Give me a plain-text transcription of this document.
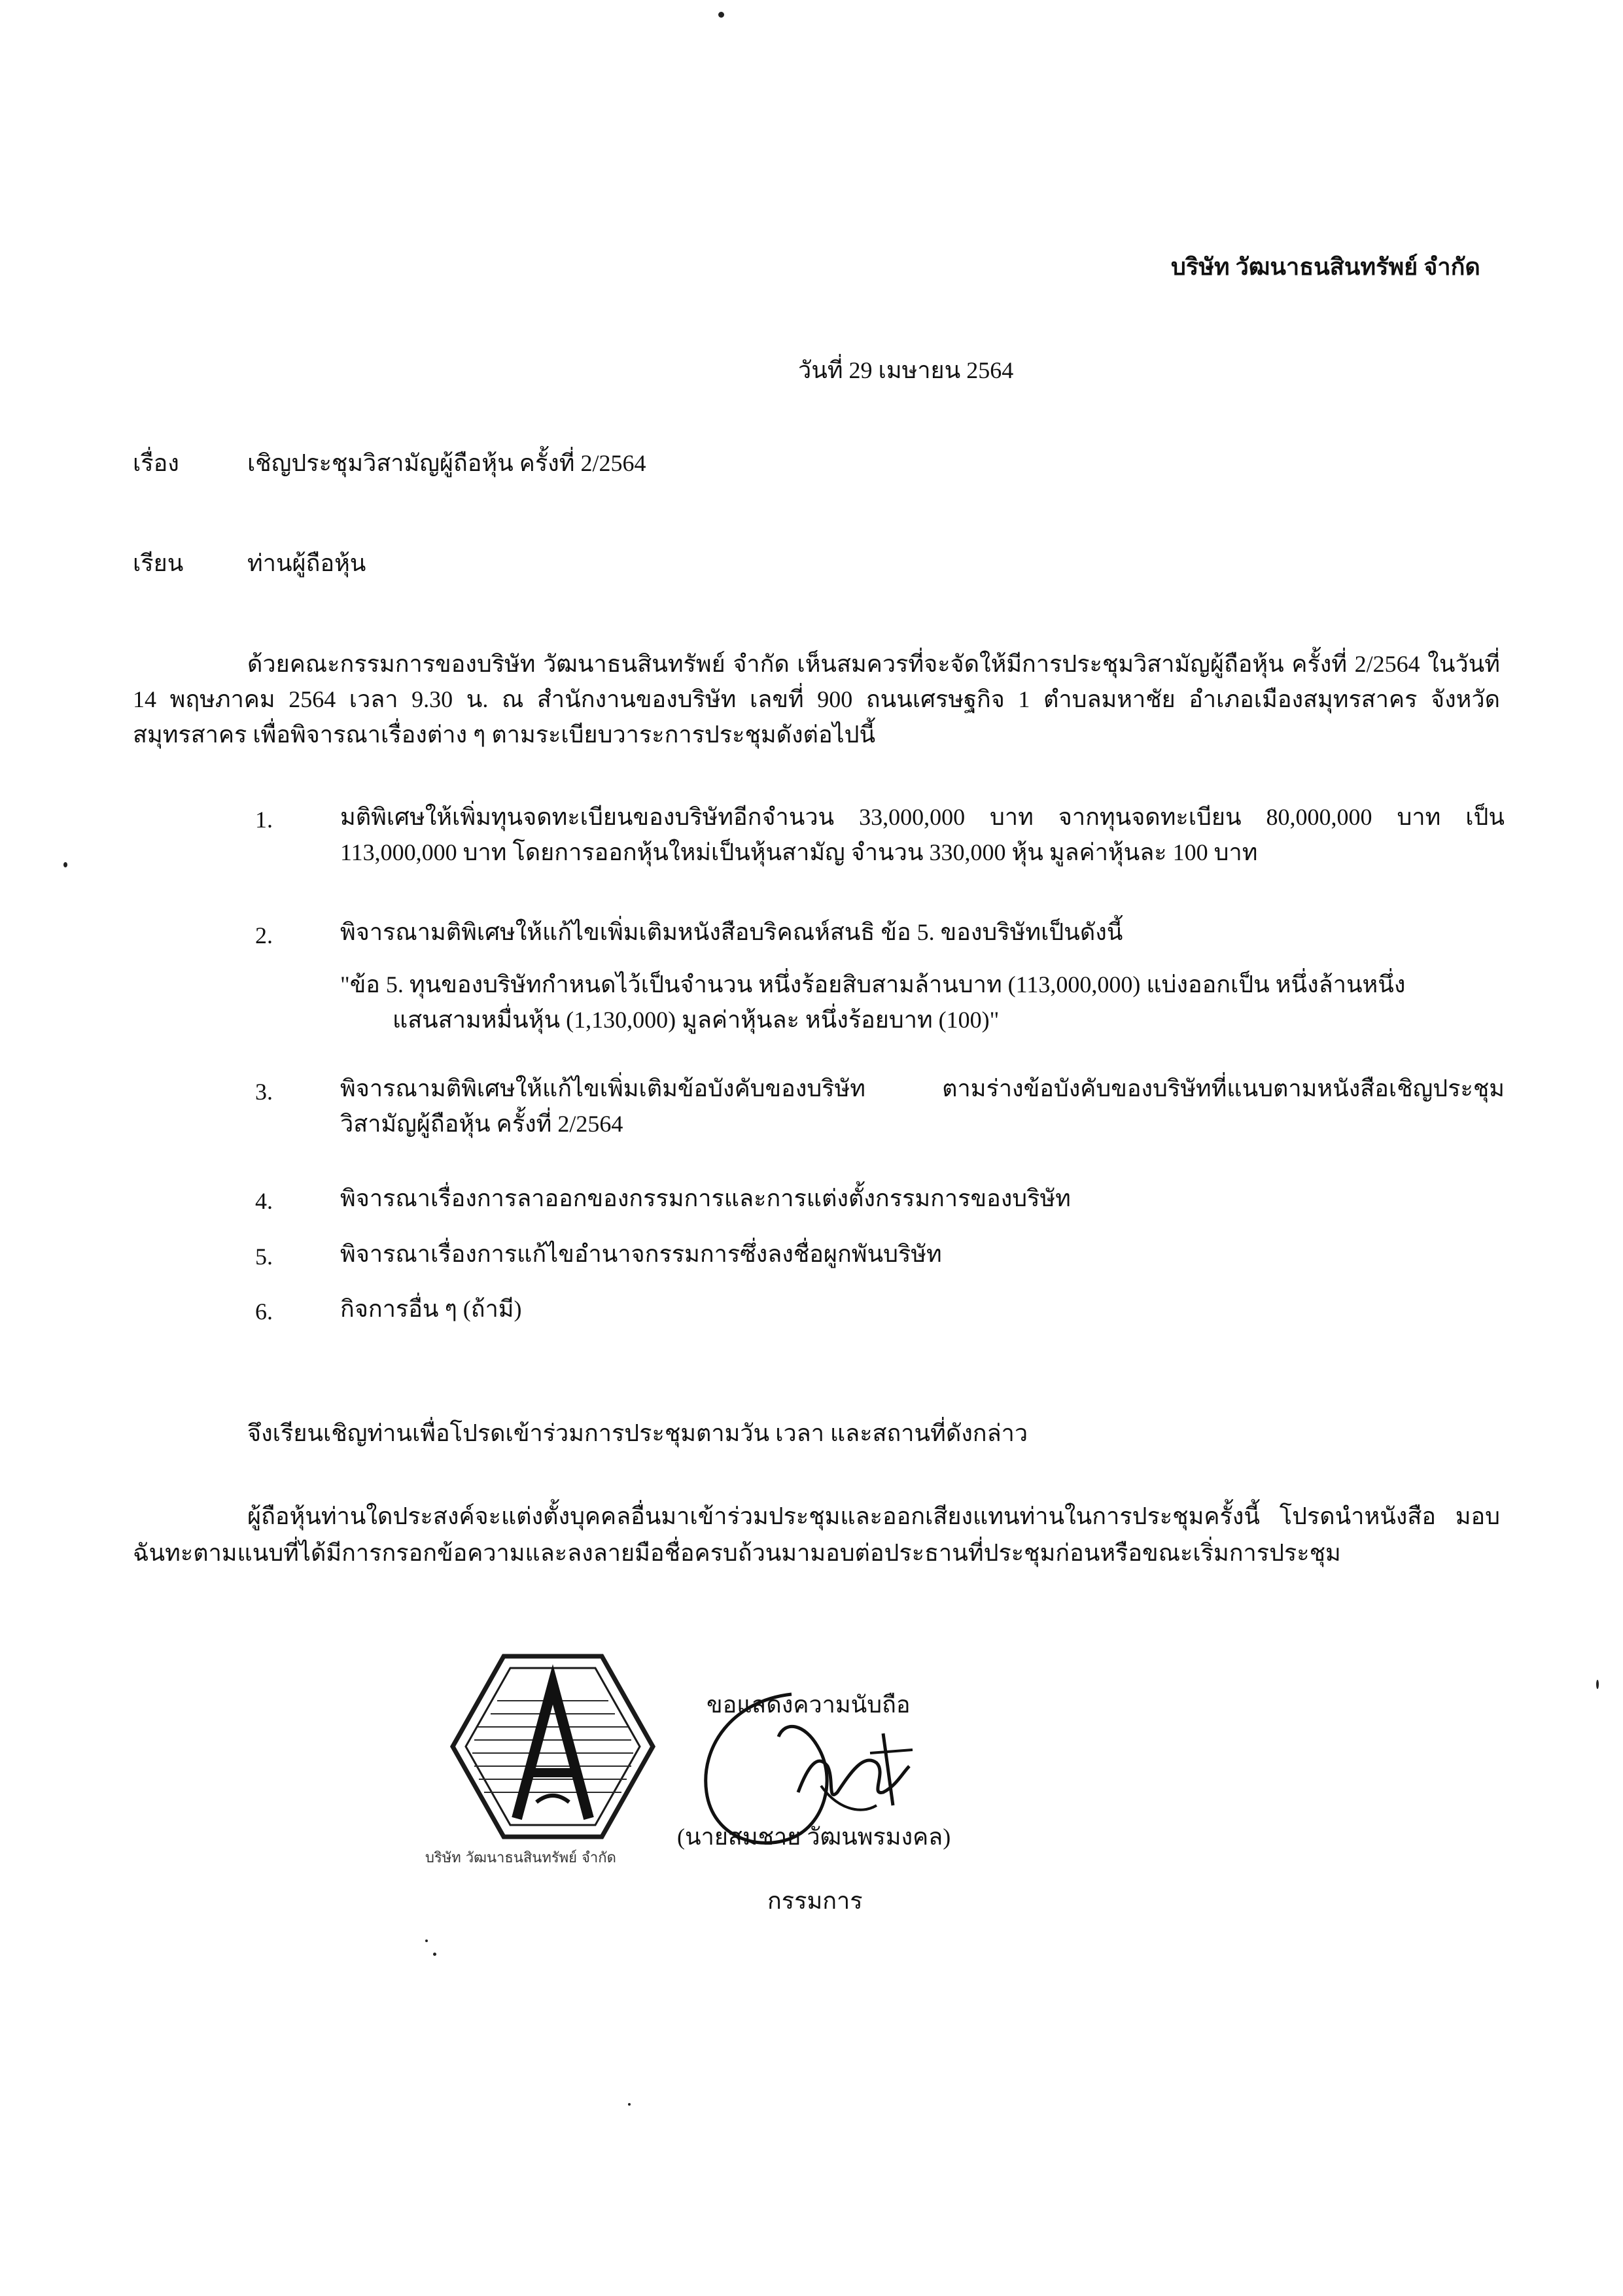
บริษัท วัฒนาธนสินทรัพย์ จำกัด
วันที่ 29 เมษายน 2564
เรื่อง	เชิญประชุมวิสามัญผู้ถือหุ้น ครั้งที่ 2/2564
เรียน	ท่านผู้ถือหุ้น
ด้วยคณะกรรมการของบริษัท วัฒนาธนสินทรัพย์ จำกัด เห็นสมควรที่จะจัดให้มีการประชุมวิสามัญผู้ถือหุ้น ครั้งที่ 2/2564 ในวันที่ 14 พฤษภาคม 2564 เวลา 9.30 น. ณ สำนักงานของบริษัท เลขที่ 900 ถนนเศรษฐกิจ 1 ตำบลมหาชัย อำเภอเมืองสมุทรสาคร จังหวัดสมุทรสาคร เพื่อพิจารณาเรื่องต่าง ๆ ตามระเบียบวาระการประชุมดังต่อไปนี้
1.	มติพิเศษให้เพิ่มทุนจดทะเบียนของบริษัทอีกจำนวน 33,000,000 บาท จากทุนจดทะเบียน 80,000,000 บาท เป็น 113,000,000 บาท โดยการออกหุ้นใหม่เป็นหุ้นสามัญ จำนวน 330,000 หุ้น มูลค่าหุ้นละ 100 บาท
2.	พิจารณามติพิเศษให้แก้ไขเพิ่มเติมหนังสือบริคณห์สนธิ ข้อ 5. ของบริษัทเป็นดังนี้
"ข้อ 5. ทุนของบริษัทกำหนดไว้เป็นจำนวน หนึ่งร้อยสิบสามล้านบาท (113,000,000) แบ่งออกเป็น หนึ่งล้านหนึ่ง
แสนสามหมื่นหุ้น (1,130,000) มูลค่าหุ้นละ หนึ่งร้อยบาท (100)"
3.	พิจารณามติพิเศษให้แก้ไขเพิ่มเติมข้อบังคับของบริษัท ตามร่างข้อบังคับของบริษัทที่แนบตามหนังสือเชิญประชุม วิสามัญผู้ถือหุ้น ครั้งที่ 2/2564
4.	พิจารณาเรื่องการลาออกของกรรมการและการแต่งตั้งกรรมการของบริษัท
5.	พิจารณาเรื่องการแก้ไขอำนาจกรรมการซึ่งลงชื่อผูกพันบริษัท
6.	กิจการอื่น ๆ (ถ้ามี)
จึงเรียนเชิญท่านเพื่อโปรดเข้าร่วมการประชุมตามวัน เวลา และสถานที่ดังกล่าว
ผู้ถือหุ้นท่านใดประสงค์จะแต่งตั้งบุคคลอื่นมาเข้าร่วมประชุมและออกเสียงแทนท่านในการประชุมครั้งนี้ โปรดนำหนังสือ มอบฉันทะตามแนบที่ได้มีการกรอกข้อความและลงลายมือชื่อครบถ้วนมามอบต่อประธานที่ประชุมก่อนหรือขณะเริ่มการประชุม
บริษัท วัฒนาธนสินทรัพย์ จำกัด
ขอแสดงความนับถือ
(นายสมชาย วัฒนพรมงคล)
กรรมการ
